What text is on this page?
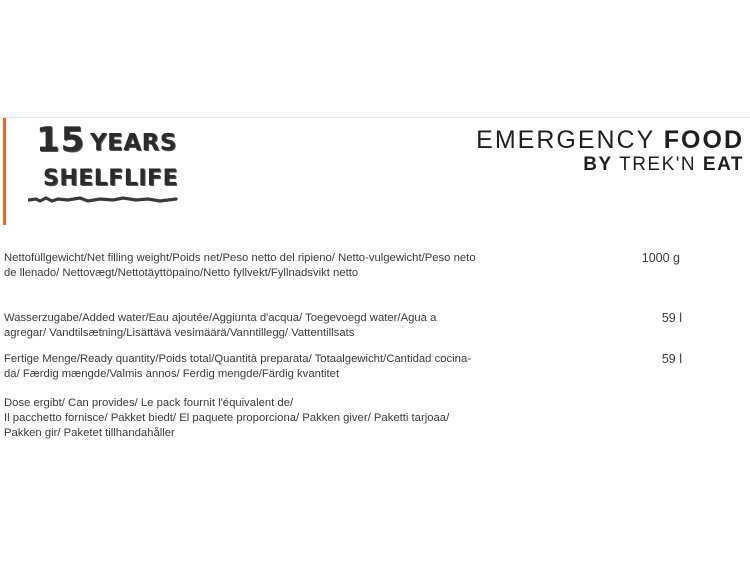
15 YEARS
SHELFLIFE
EMERGENCY FOOD
BY TREK'N EAT
Nettofüllgewicht/Net filling weight/Poids net/Peso netto del ripieno/ Netto-vulgewicht/Peso neto
de llenado/ Nettovægt/Nettotäyttöpaino/Netto fyllvekt/Fyllnadsvikt netto
1000 g
Wasserzugabe/Added water/Eau ajoutée/Aggiunta d'acqua/ Toegevoegd water/Agua a
agregar/ Vandtilsætning/Lisättävä vesimäärä/Vanntillegg/ Vattentillsats
59 l
Fertige Menge/Ready quantity/Poids total/Quantità preparata/ Totaalgewicht/Cantidad cocina-
da/ Færdig mængde/Valmis annos/ Ferdig mengde/Färdig kvantitet
59 l
Dose ergibt/ Can provides/ Le pack fournit l'équivalent de/
Il pacchetto fornisce/ Pakket biedt/ El paquete proporciona/ Pakken giver/ Paketti tarjoaa/
Pakken gir/ Paketet tillhandahåller
